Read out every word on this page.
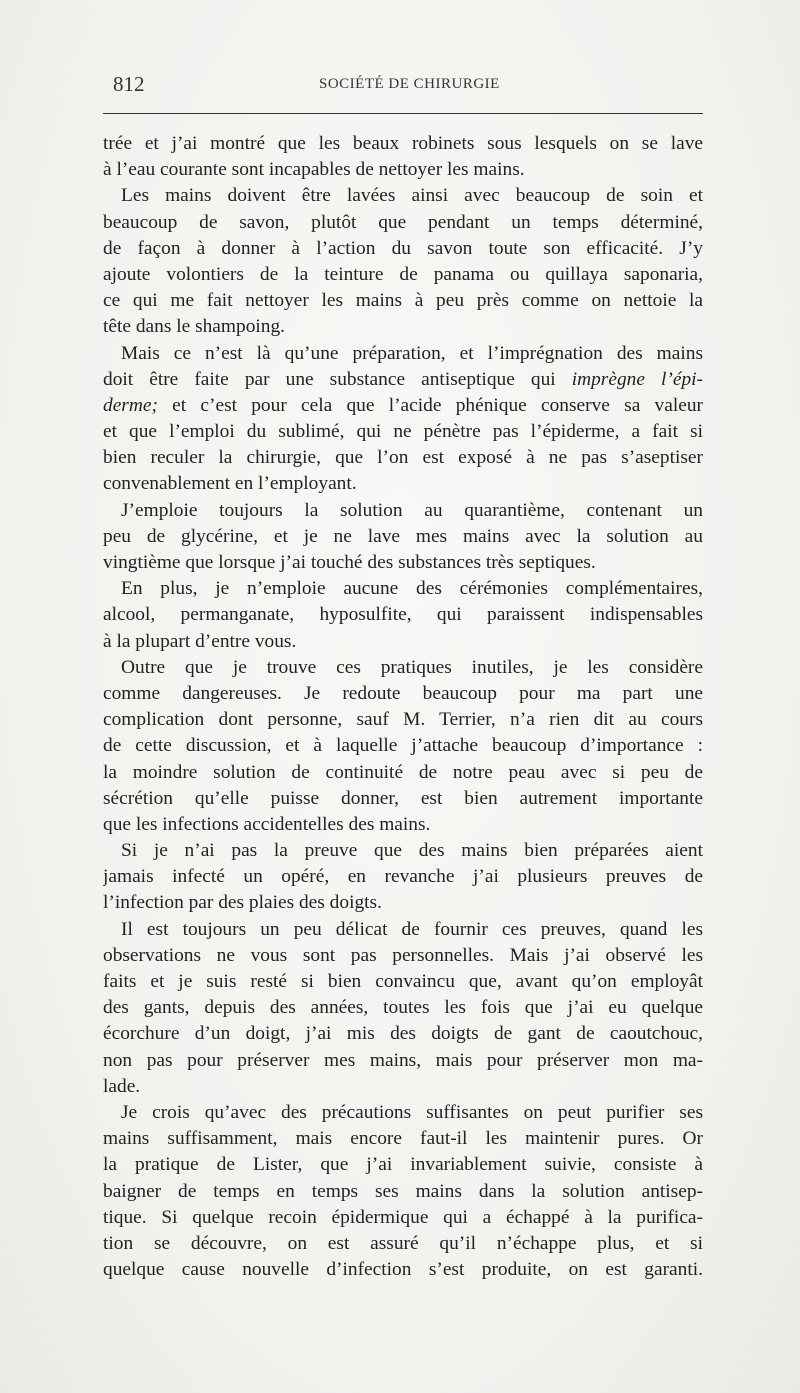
812	SOCIÉTÉ DE CHIRURGIE
trée et j’ai montré que les beaux robinets sous lesquels on se lave
à l’eau courante sont incapables de nettoyer les mains.
Les mains doivent être lavées ainsi avec beaucoup de soin et
beaucoup de savon, plutôt que pendant un temps déterminé,
de façon à donner à l’action du savon toute son efficacité. J’y
ajoute volontiers de la teinture de panama ou quillaya saponaria,
ce qui me fait nettoyer les mains à peu près comme on nettoie la
tête dans le shampoing.
Mais ce n’est là qu’une préparation, et l’imprégnation des mains
doit être faite par une substance antiseptique qui imprègne l’épi-
derme; et c’est pour cela que l’acide phénique conserve sa valeur
et que l’emploi du sublimé, qui ne pénètre pas l’épiderme, a fait si
bien reculer la chirurgie, que l’on est exposé à ne pas s’aseptiser
convenablement en l’employant.
J’emploie toujours la solution au quarantième, contenant un
peu de glycérine, et je ne lave mes mains avec la solution au
vingtième que lorsque j’ai touché des substances très septiques.
En plus, je n’emploie aucune des cérémonies complémentaires,
alcool, permanganate, hyposulfite, qui paraissent indispensables
à la plupart d’entre vous.
Outre que je trouve ces pratiques inutiles, je les considère
comme dangereuses. Je redoute beaucoup pour ma part une
complication dont personne, sauf M. Terrier, n’a rien dit au cours
de cette discussion, et à laquelle j’attache beaucoup d’importance :
la moindre solution de continuité de notre peau avec si peu de
sécrétion qu’elle puisse donner, est bien autrement importante
que les infections accidentelles des mains.
Si je n’ai pas la preuve que des mains bien préparées aient
jamais infecté un opéré, en revanche j’ai plusieurs preuves de
l’infection par des plaies des doigts.
Il est toujours un peu délicat de fournir ces preuves, quand les
observations ne vous sont pas personnelles. Mais j’ai observé les
faits et je suis resté si bien convaincu que, avant qu’on employât
des gants, depuis des années, toutes les fois que j’ai eu quelque
écorchure d’un doigt, j’ai mis des doigts de gant de caoutchouc,
non pas pour préserver mes mains, mais pour préserver mon ma-
lade.
Je crois qu’avec des précautions suffisantes on peut purifier ses
mains suffisamment, mais encore faut-il les maintenir pures. Or
la pratique de Lister, que j’ai invariablement suivie, consiste à
baigner de temps en temps ses mains dans la solution antisep-
tique. Si quelque recoin épidermique qui a échappé à la purifica-
tion se découvre, on est assuré qu’il n’échappe plus, et si
quelque cause nouvelle d’infection s’est produite, on est garanti.
